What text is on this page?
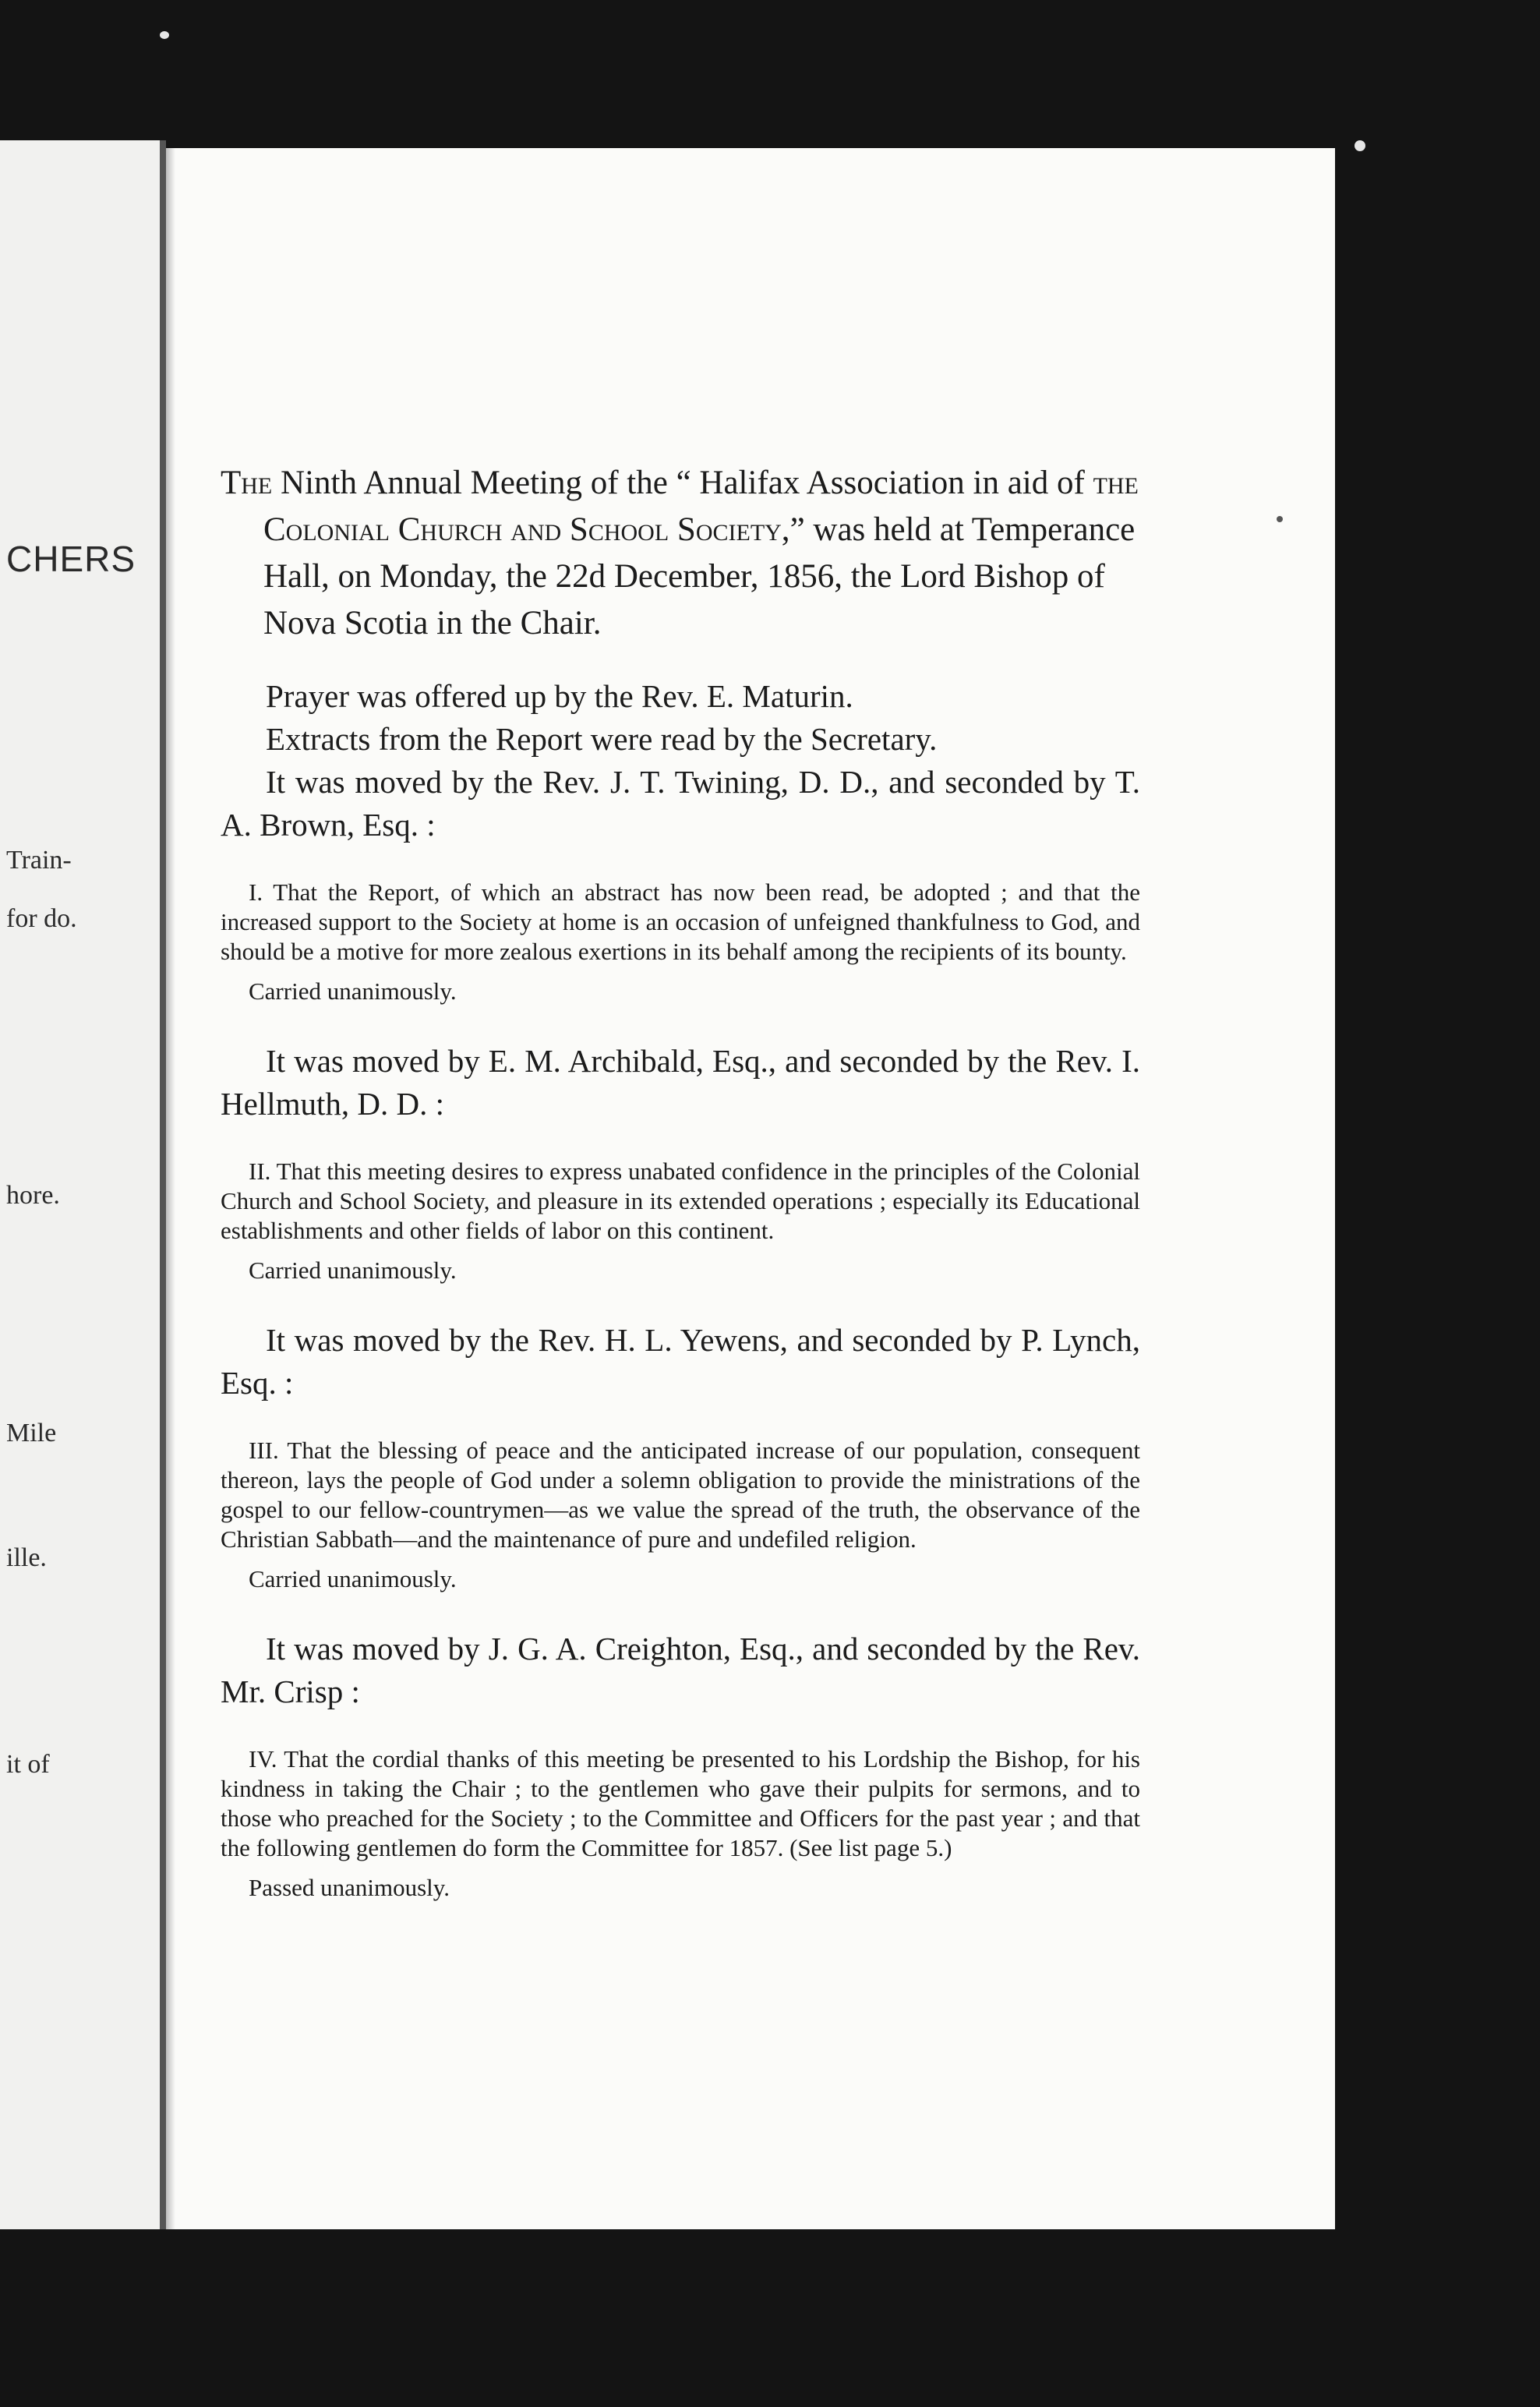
CHERS
Train-
for do.
hore.
Mile
ille.
it of

The Ninth Annual Meeting of the “ Halifax Association in aid of the Colonial Church and School Society,” was held at Temperance Hall, on Monday, the 22d December, 1856, the Lord Bishop of Nova Scotia in the Chair.

Prayer was offered up by the Rev. E. Maturin.

Extracts from the Report were read by the Secretary.

It was moved by the Rev. J. T. Twining, D. D., and seconded by T. A. Brown, Esq. :

I. That the Report, of which an abstract has now been read, be adopted ; and that the increased support to the Society at home is an occasion of unfeigned thankfulness to God, and should be a motive for more zealous exertions in its behalf among the recipients of its bounty.

Carried unanimously.

It was moved by E. M. Archibald, Esq., and seconded by the Rev. I. Hellmuth, D. D. :

II. That this meeting desires to express unabated confidence in the principles of the Colonial Church and School Society, and pleasure in its extended operations ; especially its Educational establishments and other fields of labor on this continent.

Carried unanimously.

It was moved by the Rev. H. L. Yewens, and seconded by P. Lynch, Esq. :

III. That the blessing of peace and the anticipated increase of our population, consequent thereon, lays the people of God under a solemn obligation to provide the ministrations of the gospel to our fellow-countrymen—as we value the spread of the truth, the observance of the Christian Sabbath—and the maintenance of pure and undefiled religion.

Carried unanimously.

It was moved by J. G. A. Creighton, Esq., and seconded by the Rev. Mr. Crisp :

IV. That the cordial thanks of this meeting be presented to his Lordship the Bishop, for his kindness in taking the Chair ; to the gentlemen who gave their pulpits for sermons, and to those who preached for the Society ; to the Committee and Officers for the past year ; and that the following gentlemen do form the Committee for 1857. (See list page 5.)

Passed unanimously.
